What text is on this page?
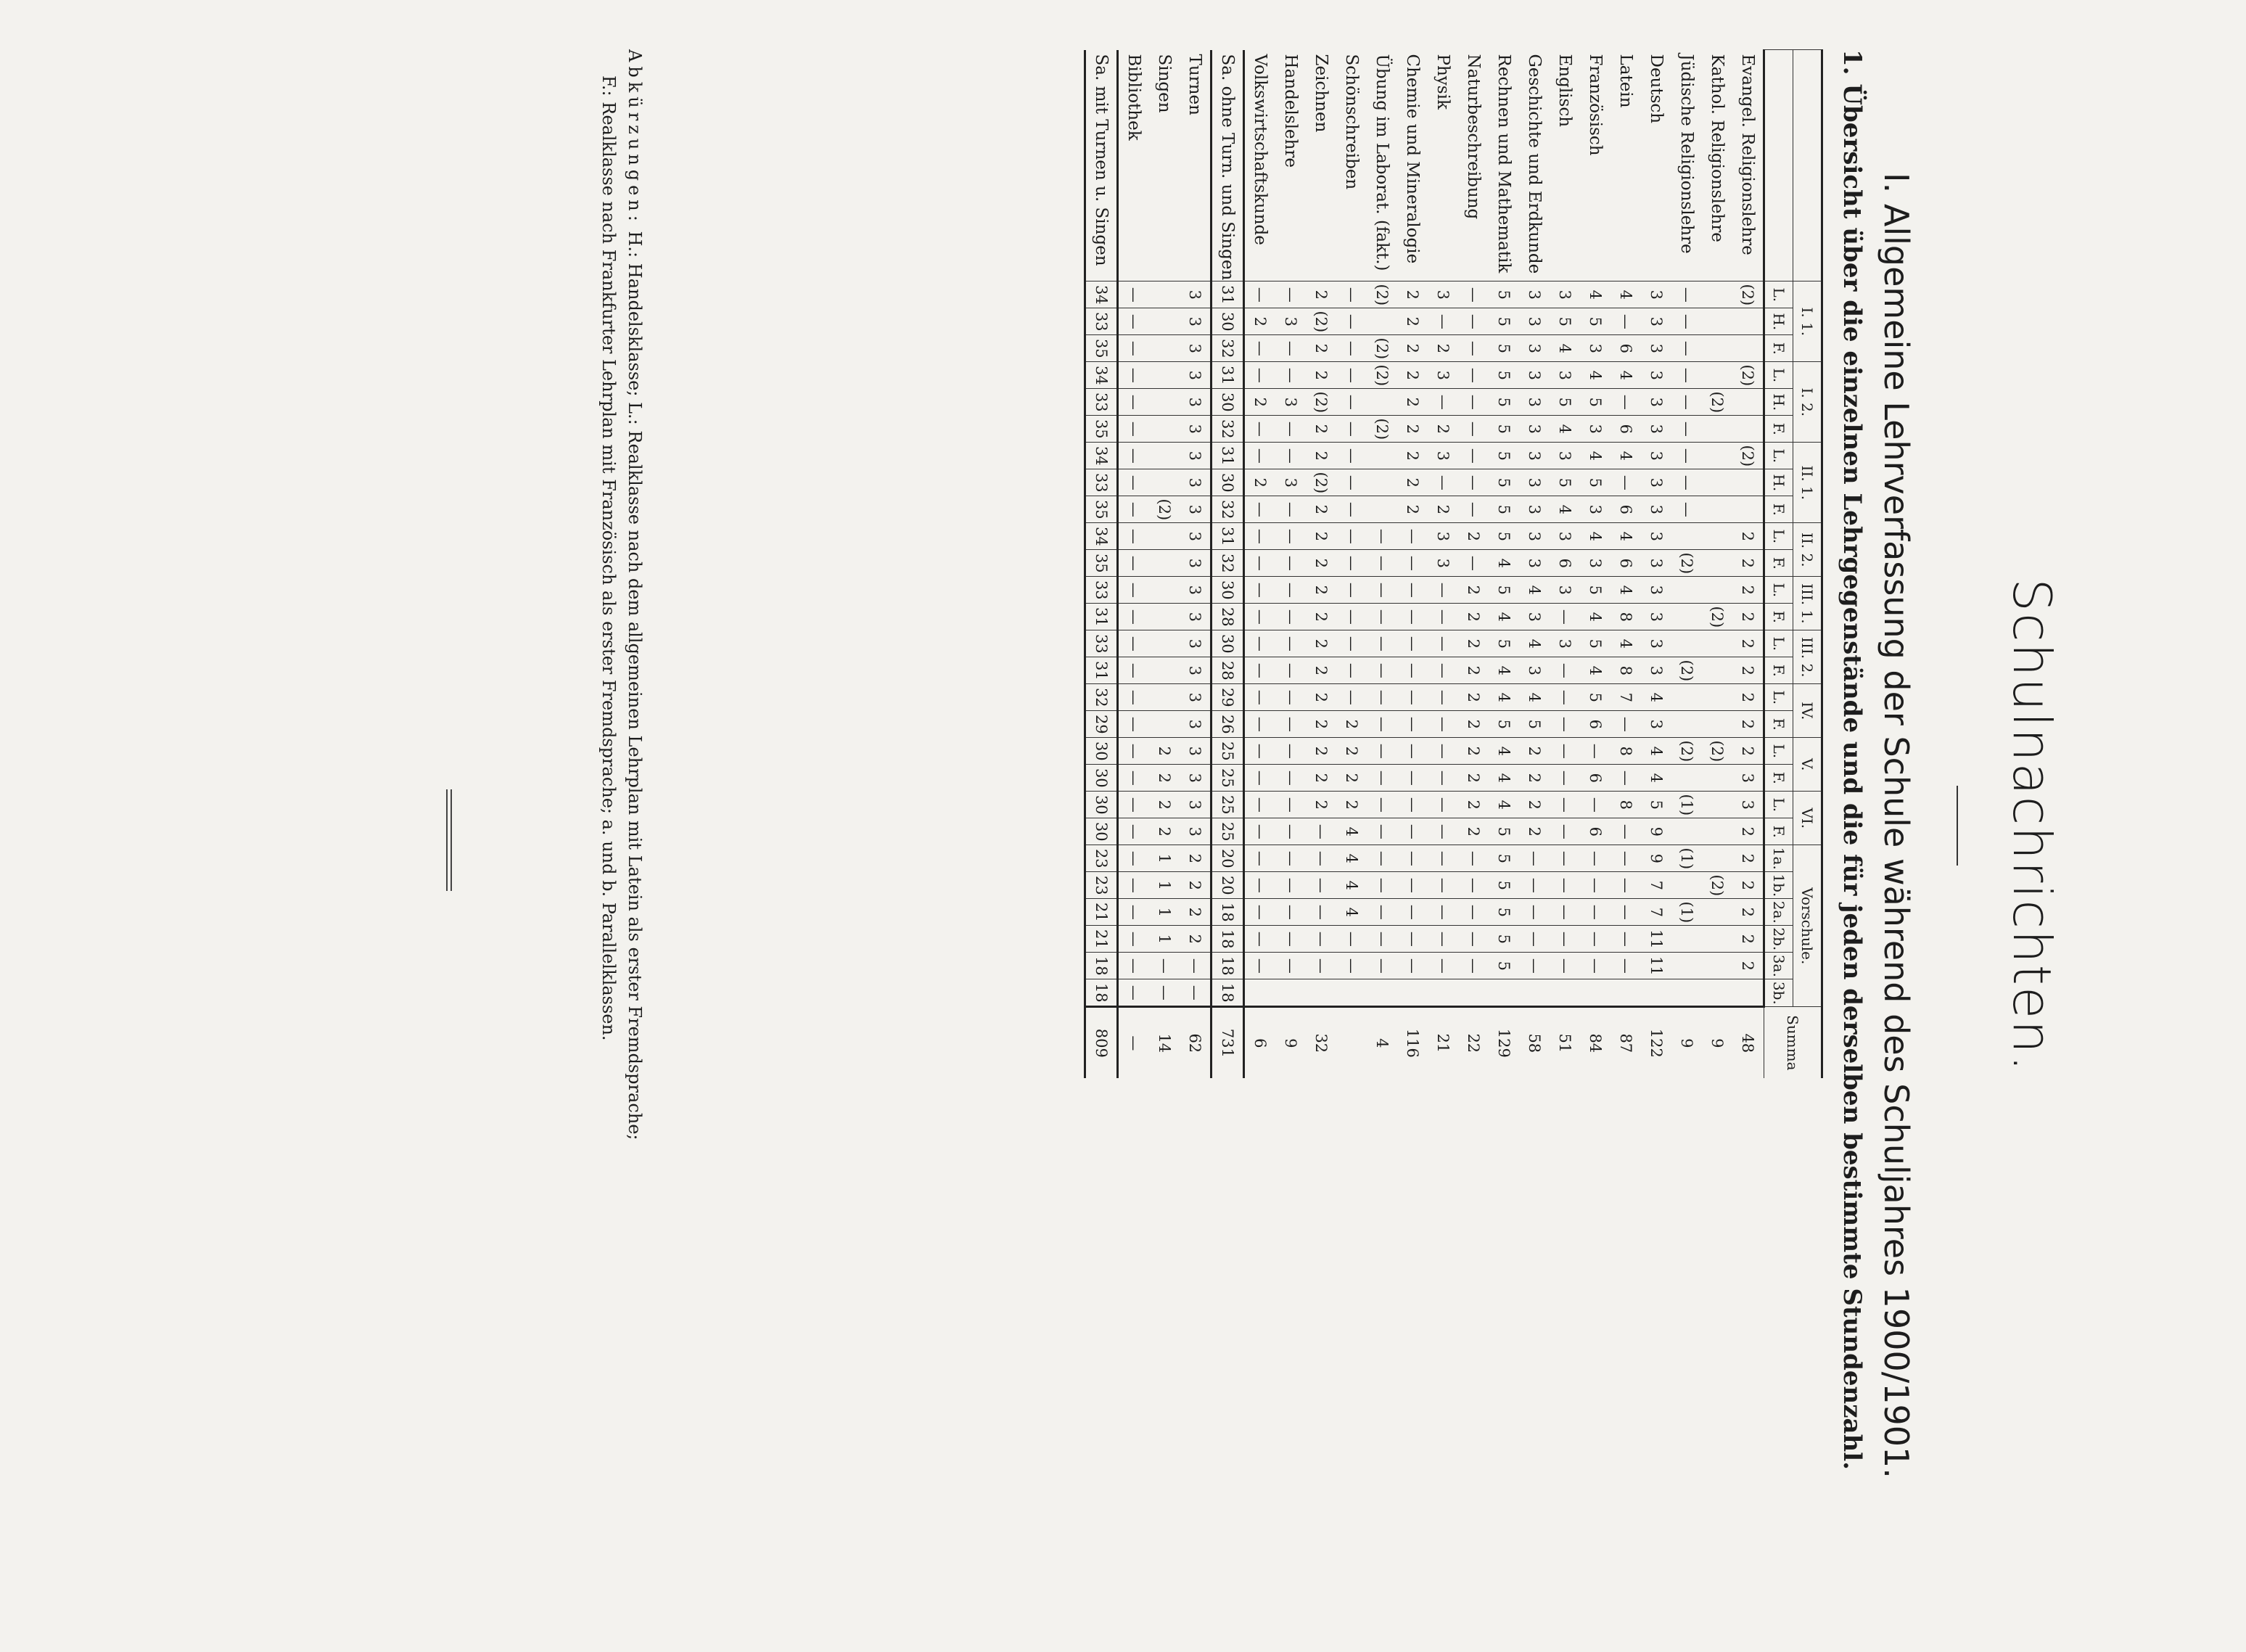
Schulnachrichten.
I. Allgemeine Lehrverfassung der Schule während des Schuljahres 1900/1901.
1. Übersicht über die einzelnen Lehrgegenstände und die für jeden derselben bestimmte Stundenzahl.
	I. 1.			I. 2.			II. 1.			II. 2.		III. 1.		III. 2.		IV.		V.		VI.		Vorschule.						Summa
	L.	H.	F.	L.	H.	F.	L.	H.	F.	L.	F.	L.	F.	L.	F.	L.	F.	L.	F.	L.	F.	1a.	1b.	2a.	2b.	3a.	3b.	
Evangel. Religionslehre	(2)			(2)			(2)			2	2	2	2	2	2	2	2	2	3	3	2	2	2	2	2	2		48
Kathol. Religionslehre					(2)								(2)					(2)					(2)					9
Jüdische Religionslehre	—	—	—	—	—	—	—	—	—		(2)				(2)			(2)		(1)		(1)		(1)				9
Deutsch	3	3	3	3	3	3	3	3	3	3	3	3	3	3	3	4	3	4	4	5	9	9	7	7	11	11		122
Latein	4	—	6	4	—	6	4	—	6	4	6	4	8	4	8	7	—	8	—	8	—	—	—	—	—	—		87
Französisch	4	5	3	4	5	3	4	5	3	4	3	5	4	5	4	5	6	—	6	—	6	—	—	—	—	—		84
Englisch	3	5	4	3	5	4	3	5	4	3	6	3	—	3	—	—	—	—	—	—	—	—	—	—	—	—		51
Geschichte und Erdkunde	3	3	3	3	3	3	3	3	3	3	3	4	3	4	3	4	5	2	2	2	2	—	—	—	—	—		58
Rechnen und Mathematik	5	5	5	5	5	5	5	5	5	5	4	5	4	5	4	4	5	4	4	4	5	5	5	5	5	5		129
Naturbeschreibung	—	—	—	—	—	—	—	—	—	2	—	2	2	2	2	2	2	2	2	2	2	—	—	—	—	—		22
Physik	3	—	2	3	—	2	3	—	2	3	3	—	—	—	—	—	—	—	—	—	—	—	—	—	—	—		21
Chemie und Mineralogie	2	2	2	2	2	2	2	2	2	—	—	—	—	—	—	—	—	—	—	—	—	—	—	—	—	—		116
Übung im Laborat. (fakt.)	(2)		(2)	(2)		(2)				—	—	—	—	—	—	—	—	—	—	—	—	—	—	—	—	—		4
Schönschreiben	—	—	—	—	—	—	—	—	—	—	—	—	—	—	—	—	2	2	2	2	4	4	4	4	—	—		
Zeichnen	2	(2)	2	2	(2)	2	2	(2)	2	2	2	2	2	2	2	2	2	2	2	2	—	—	—	—	—	—		32
Handelslehre	—	3	—	—	3	—	—	3	—	—	—	—	—	—	—	—	—	—	—	—	—	—	—	—	—	—		9
Volkswirtschaftskunde	—	2	—	—	2	—	—	2	—	—	—	—	—	—	—	—	—	—	—	—	—	—	—	—	—	—		6
Sa. ohne Turn. und Singen	31	30	32	31	30	32	31	30	32	31	32	30	28	30	28	29	26	25	25	25	25	20	20	18	18	18	18	731
Turnen	3	3	3	3	3	3	3	3	3	3	3	3	3	3	3	3	3	3	3	3	3	2	2	2	2	—	—	62
Singen									(2)									2	2	2	2	1	1	1	1	—	—	14
Bibliothek	—	—	—	—	—	—	—	—	—	—	—	—	—	—	—	—	—	—	—	—	—	—	—	—	—	—	—	—
Sa. mit Turnen u. Singen	34	33	35	34	33	35	34	33	35	34	35	33	31	33	31	32	29	30	30	30	30	23	23	21	21	18	18	809
Abkürzungen: H.: Handelsklasse; L.: Realklasse nach dem allgemeinen Lehrplan mit Latein als erster Fremdsprache;
F.: Realklasse nach Frankfurter Lehrplan mit Französisch als erster Fremdsprache; a. und b. Parallelklassen.
